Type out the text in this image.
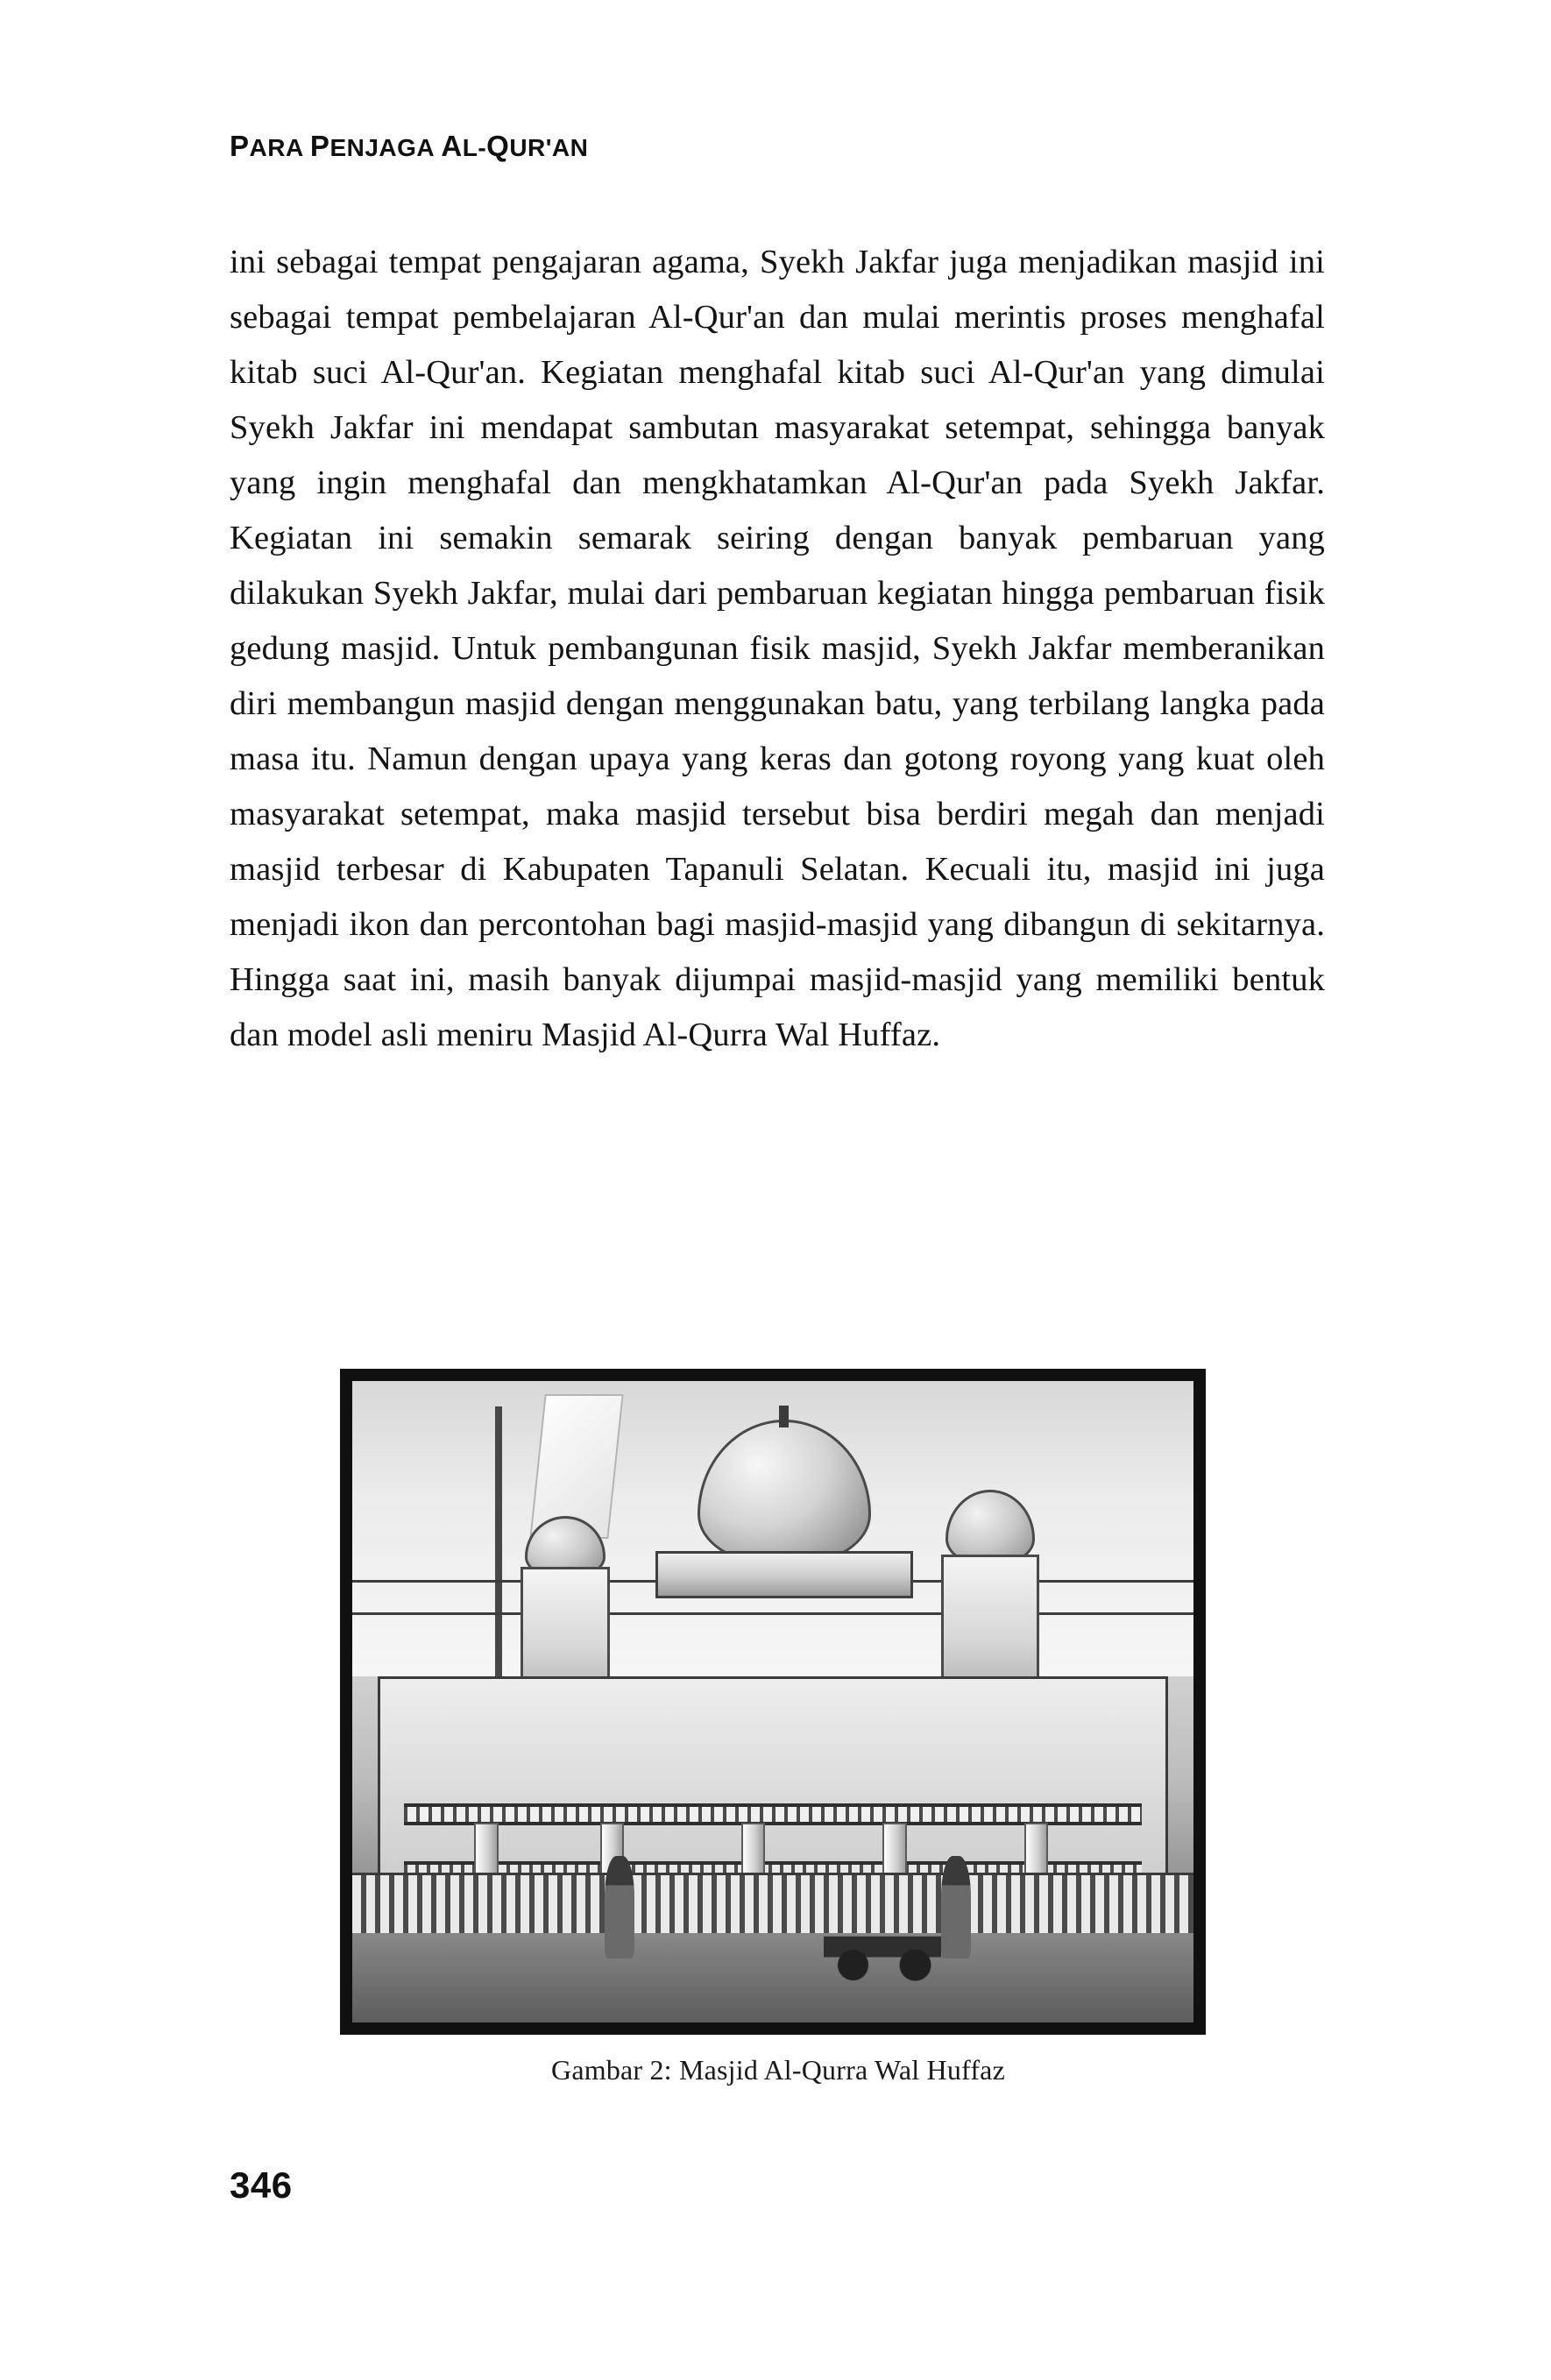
PARA PENJAGA AL-QUR'AN
ini sebagai tempat pengajaran agama, Syekh Jakfar juga menjadikan masjid ini sebagai tempat pembelajaran Al-Qur'an dan mulai merintis proses menghafal kitab suci Al-Qur'an. Kegiatan menghafal kitab suci Al-Qur'an yang dimulai Syekh Jakfar ini mendapat sambutan masyarakat setempat, sehingga banyak yang ingin menghafal dan mengkhatamkan Al-Qur'an pada Syekh Jakfar. Kegiatan ini semakin semarak seiring dengan banyak pembaruan yang dilakukan Syekh Jakfar, mulai dari pembaruan kegiatan hingga pembaruan fisik gedung masjid. Untuk pembangunan fisik masjid, Syekh Jakfar memberanikan diri membangun masjid dengan menggunakan batu, yang terbilang langka pada masa itu. Namun dengan upaya yang keras dan gotong royong yang kuat oleh masyarakat setempat, maka masjid tersebut bisa berdiri megah dan menjadi masjid terbesar di Kabupaten Tapanuli Selatan. Kecuali itu, masjid ini juga menjadi ikon dan percontohan bagi masjid-masjid yang dibangun di sekitarnya. Hingga saat ini, masih banyak dijumpai masjid-masjid yang memiliki bentuk dan model asli meniru Masjid Al-Qurra Wal Huffaz.
Gambar 2: Masjid Al-Qurra Wal Huffaz
346
